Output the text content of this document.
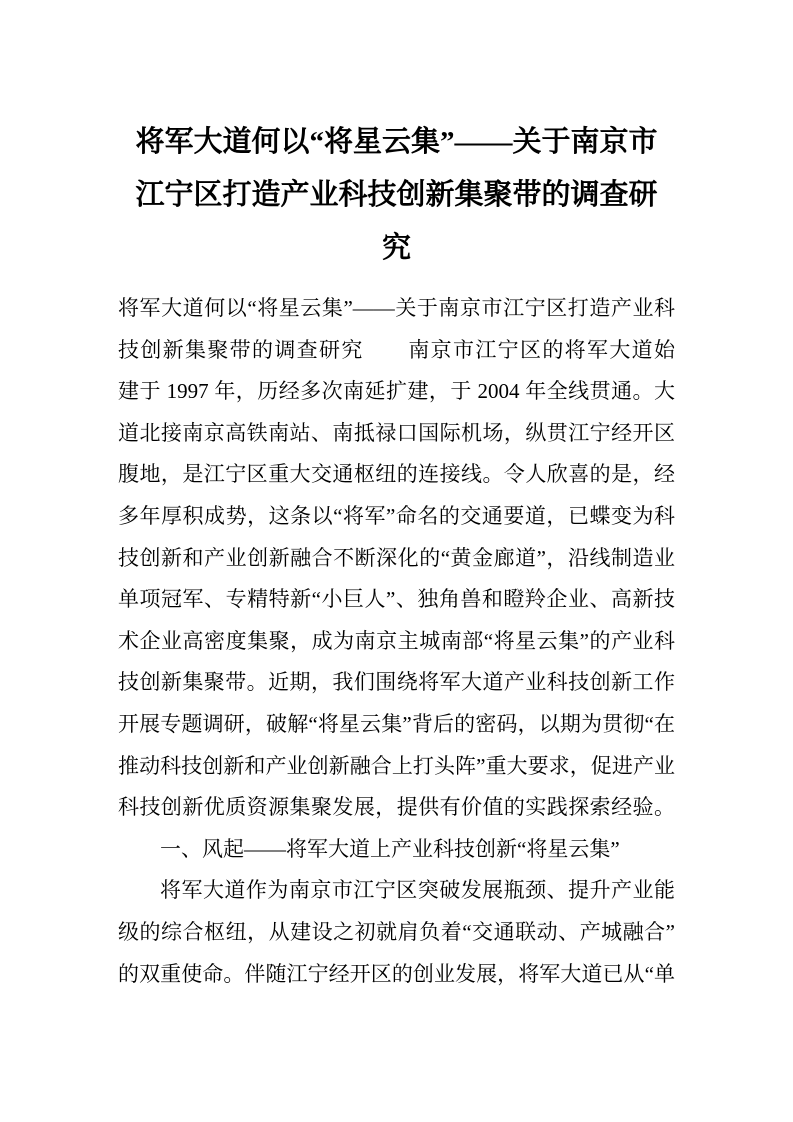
将军大道何以“将星云集”——关于南京市
江宁区打造产业科技创新集聚带的调查研
究
将军大道何以“将星云集”——关于南京市江宁区打造产业科
技创新集聚带的调查研究　　南京市江宁区的将军大道始
建于 1997 年，历经多次南延扩建，于 2004 年全线贯通。大
道北接南京高铁南站、南抵禄口国际机场，纵贯江宁经开区
腹地，是江宁区重大交通枢纽的连接线。令人欣喜的是，经
多年厚积成势，这条以“将军”命名的交通要道，已蝶变为科
技创新和产业创新融合不断深化的“黄金廊道”，沿线制造业
单项冠军、专精特新“小巨人”、独角兽和瞪羚企业、高新技
术企业高密度集聚，成为南京主城南部“将星云集”的产业科
技创新集聚带。近期，我们围绕将军大道产业科技创新工作
开展专题调研，破解“将星云集”背后的密码，以期为贯彻“在
推动科技创新和产业创新融合上打头阵”重大要求，促进产业
科技创新优质资源集聚发展，提供有价值的实践探索经验。
一、风起——将军大道上产业科技创新“将星云集”
将军大道作为南京市江宁区突破发展瓶颈、提升产业能
级的综合枢纽，从建设之初就肩负着“交通联动、产城融合”
的双重使命。伴随江宁经开区的创业发展，将军大道已从“单
